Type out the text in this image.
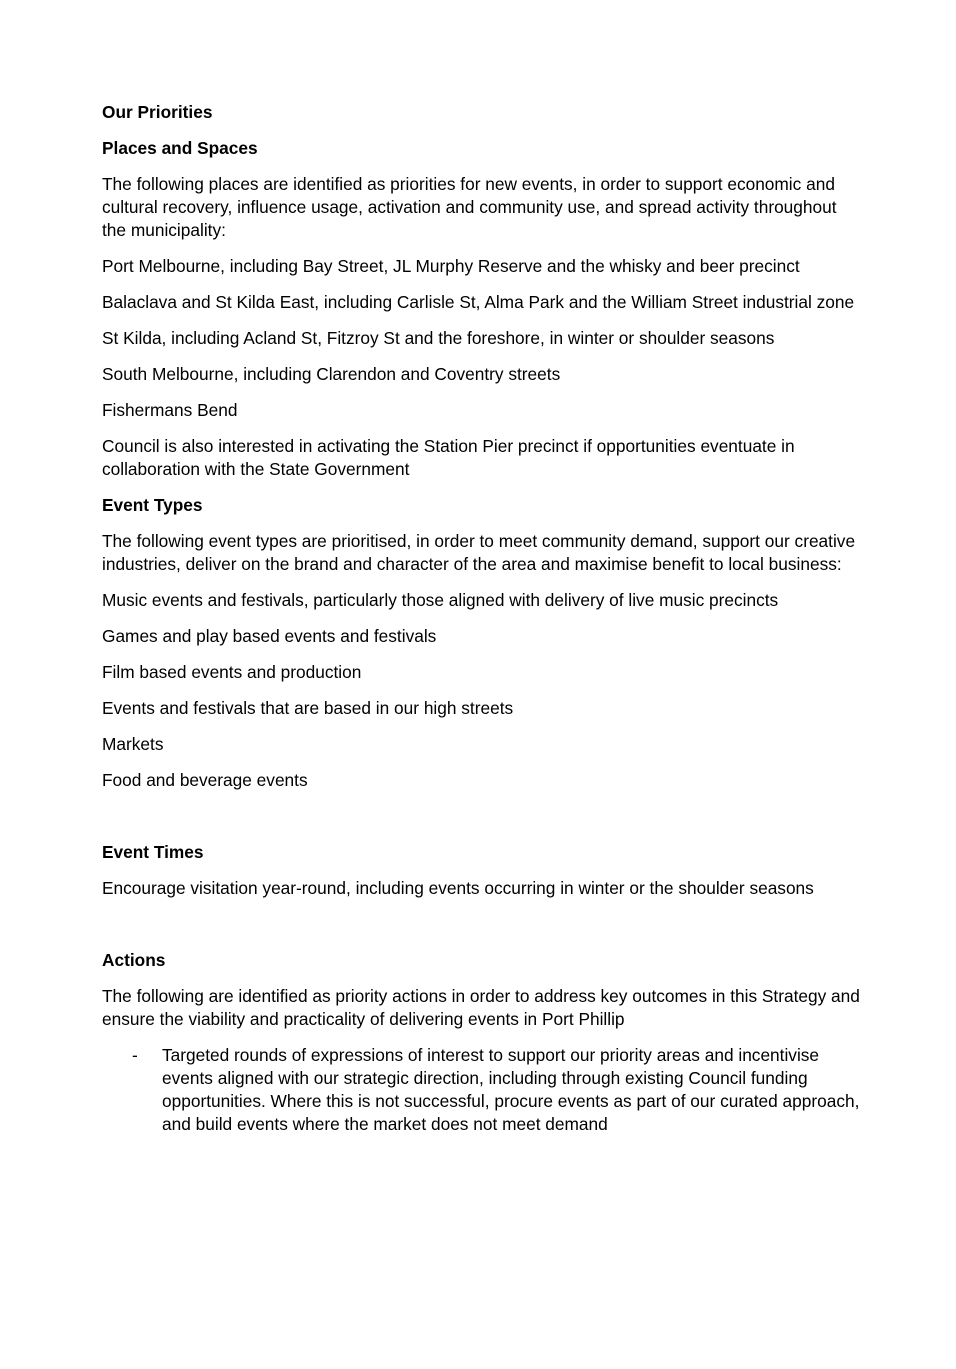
Our Priorities

Places and Spaces

The following places are identified as priorities for new events, in order to support economic and cultural recovery, influence usage, activation and community use, and spread activity throughout the municipality:

Port Melbourne, including Bay Street, JL Murphy Reserve and the whisky and beer precinct

Balaclava and St Kilda East, including Carlisle St, Alma Park and the William Street industrial zone

St Kilda, including Acland St, Fitzroy St and the foreshore, in winter or shoulder seasons

South Melbourne, including Clarendon and Coventry streets

Fishermans Bend

Council is also interested in activating the Station Pier precinct if opportunities eventuate in collaboration with the State Government

Event Types

The following event types are prioritised, in order to meet community demand, support our creative industries, deliver on the brand and character of the area and maximise benefit to local business:

Music events and festivals, particularly those aligned with delivery of live music precincts

Games and play based events and festivals

Film based events and production

Events and festivals that are based in our high streets

Markets

Food and beverage events

Event Times

Encourage visitation year-round, including events occurring in winter or the shoulder seasons

Actions

The following are identified as priority actions in order to address key outcomes in this Strategy and ensure the viability and practicality of delivering events in Port Phillip

- Targeted rounds of expressions of interest to support our priority areas and incentivise events aligned with our strategic direction, including through existing Council funding opportunities. Where this is not successful, procure events as part of our curated approach, and build events where the market does not meet demand
